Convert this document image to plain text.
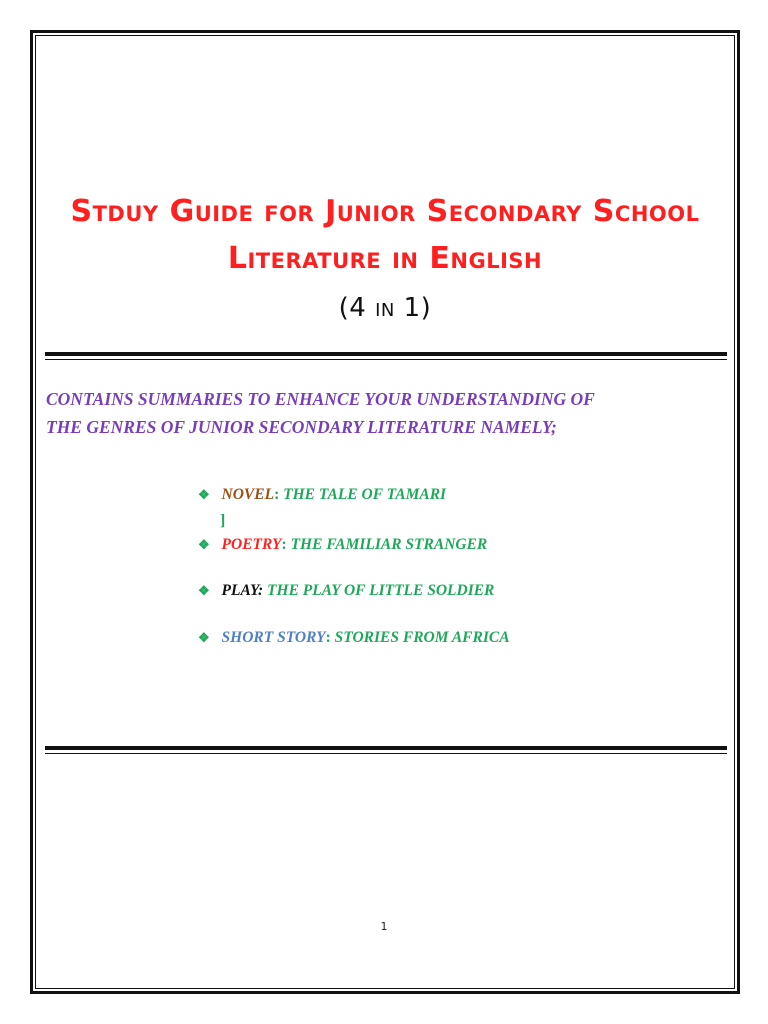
Stduy Guide for Junior Secondary School
Literature in English
(4 in 1)
CONTAINS SUMMARIES TO ENHANCE YOUR UNDERSTANDING OF
THE GENRES OF JUNIOR SECONDARY LITERATURE NAMELY;
❖ NOVEL: THE TALE OF TAMARI
❖ POETRY: THE FAMILIAR STRANGER
❖ PLAY: THE PLAY OF LITTLE SOLDIER
❖ SHORT STORY: STORIES FROM AFRICA
]
1
